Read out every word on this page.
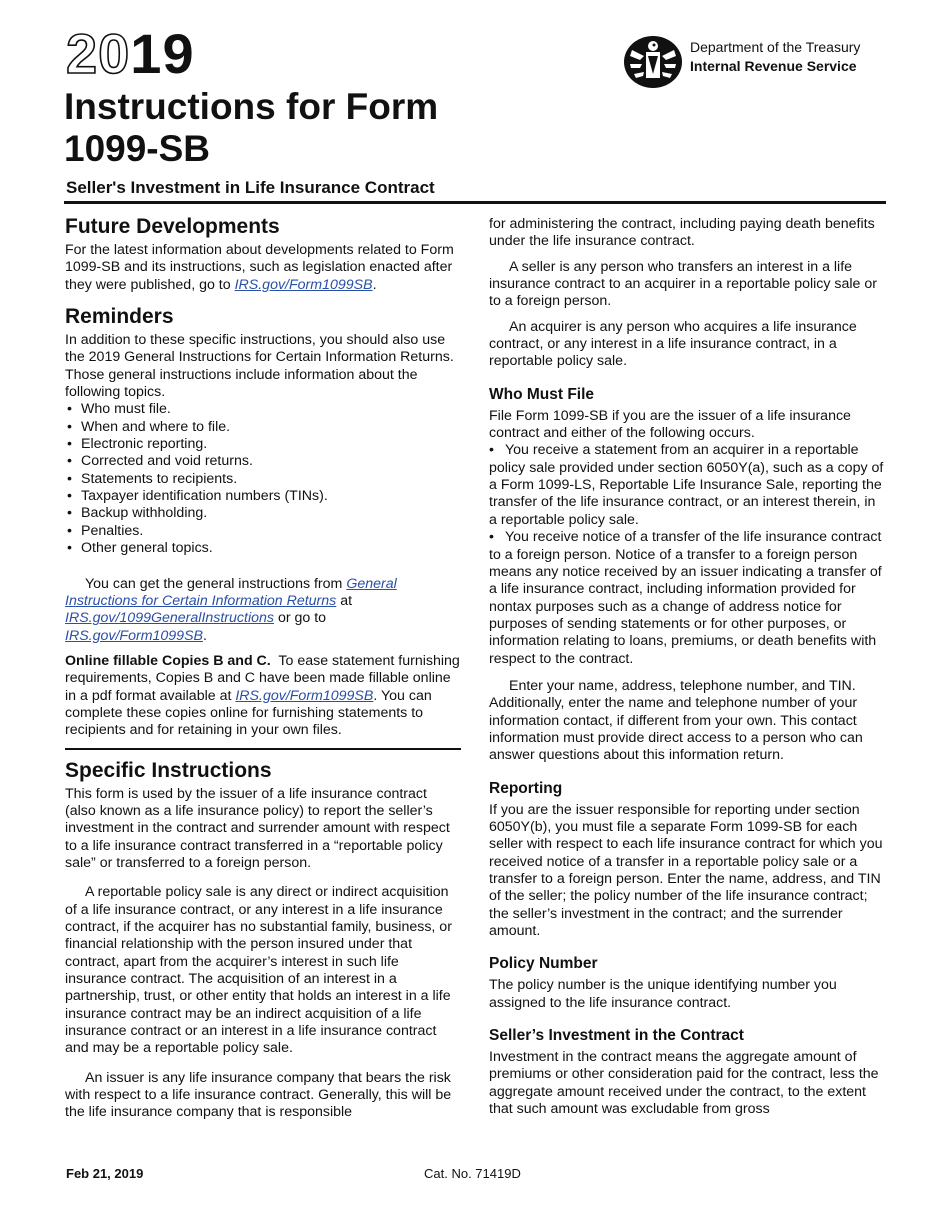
2019
Instructions for Form 1099-SB
Seller's Investment in Life Insurance Contract
Department of the Treasury
Internal Revenue Service
Future Developments

For the latest information about developments related to Form 1099-SB and its instructions, such as legislation enacted after they were published, go to IRS.gov/Form1099SB.

Reminders

In addition to these specific instructions, you should also use the 2019 General Instructions for Certain Information Returns. Those general instructions include information about the following topics.

• Who must file.
• When and where to file.
• Electronic reporting.
• Corrected and void returns.
• Statements to recipients.
• Taxpayer identification numbers (TINs).
• Backup withholding.
• Penalties.
• Other general topics.

You can get the general instructions from General Instructions for Certain Information Returns at IRS.gov/1099GeneralInstructions or go to IRS.gov/Form1099SB.

Online fillable Copies B and C. To ease statement furnishing requirements, Copies B and C have been made fillable online in a pdf format available at IRS.gov/Form1099SB. You can complete these copies online for furnishing statements to recipients and for retaining in your own files.

Specific Instructions

This form is used by the issuer of a life insurance contract (also known as a life insurance policy) to report the seller’s investment in the contract and surrender amount with respect to a life insurance contract transferred in a “reportable policy sale” or transferred to a foreign person.

A reportable policy sale is any direct or indirect acquisition of a life insurance contract, or any interest in a life insurance contract, if the acquirer has no substantial family, business, or financial relationship with the person insured under that contract, apart from the acquirer’s interest in such life insurance contract. The acquisition of an interest in a partnership, trust, or other entity that holds an interest in a life insurance contract may be an indirect acquisition of a life insurance contract or an interest in a life insurance contract and may be a reportable policy sale.

An issuer is any life insurance company that bears the risk with respect to a life insurance contract. Generally, this will be the life insurance company that is responsible

for administering the contract, including paying death benefits under the life insurance contract.

A seller is any person who transfers an interest in a life insurance contract to an acquirer in a reportable policy sale or to a foreign person.

An acquirer is any person who acquires a life insurance contract, or any interest in a life insurance contract, in a reportable policy sale.

Who Must File

File Form 1099-SB if you are the issuer of a life insurance contract and either of the following occurs.

• You receive a statement from an acquirer in a reportable policy sale provided under section 6050Y(a), such as a copy of a Form 1099-LS, Reportable Life Insurance Sale, reporting the transfer of the life insurance contract, or an interest therein, in a reportable policy sale.

• You receive notice of a transfer of the life insurance contract to a foreign person. Notice of a transfer to a foreign person means any notice received by an issuer indicating a transfer of a life insurance contract, including information provided for nontax purposes such as a change of address notice for purposes of sending statements or for other purposes, or information relating to loans, premiums, or death benefits with respect to the contract.

Enter your name, address, telephone number, and TIN. Additionally, enter the name and telephone number of your information contact, if different from your own. This contact information must provide direct access to a person who can answer questions about this information return.

Reporting

If you are the issuer responsible for reporting under section 6050Y(b), you must file a separate Form 1099-SB for each seller with respect to each life insurance contract for which you received notice of a transfer in a reportable policy sale or a transfer to a foreign person. Enter the name, address, and TIN of the seller; the policy number of the life insurance contract; the seller’s investment in the contract; and the surrender amount.

Policy Number

The policy number is the unique identifying number you assigned to the life insurance contract.

Seller’s Investment in the Contract

Investment in the contract means the aggregate amount of premiums or other consideration paid for the contract, less the aggregate amount received under the contract, to the extent that such amount was excludable from gross

Feb 21, 2019	Cat. No. 71419D
